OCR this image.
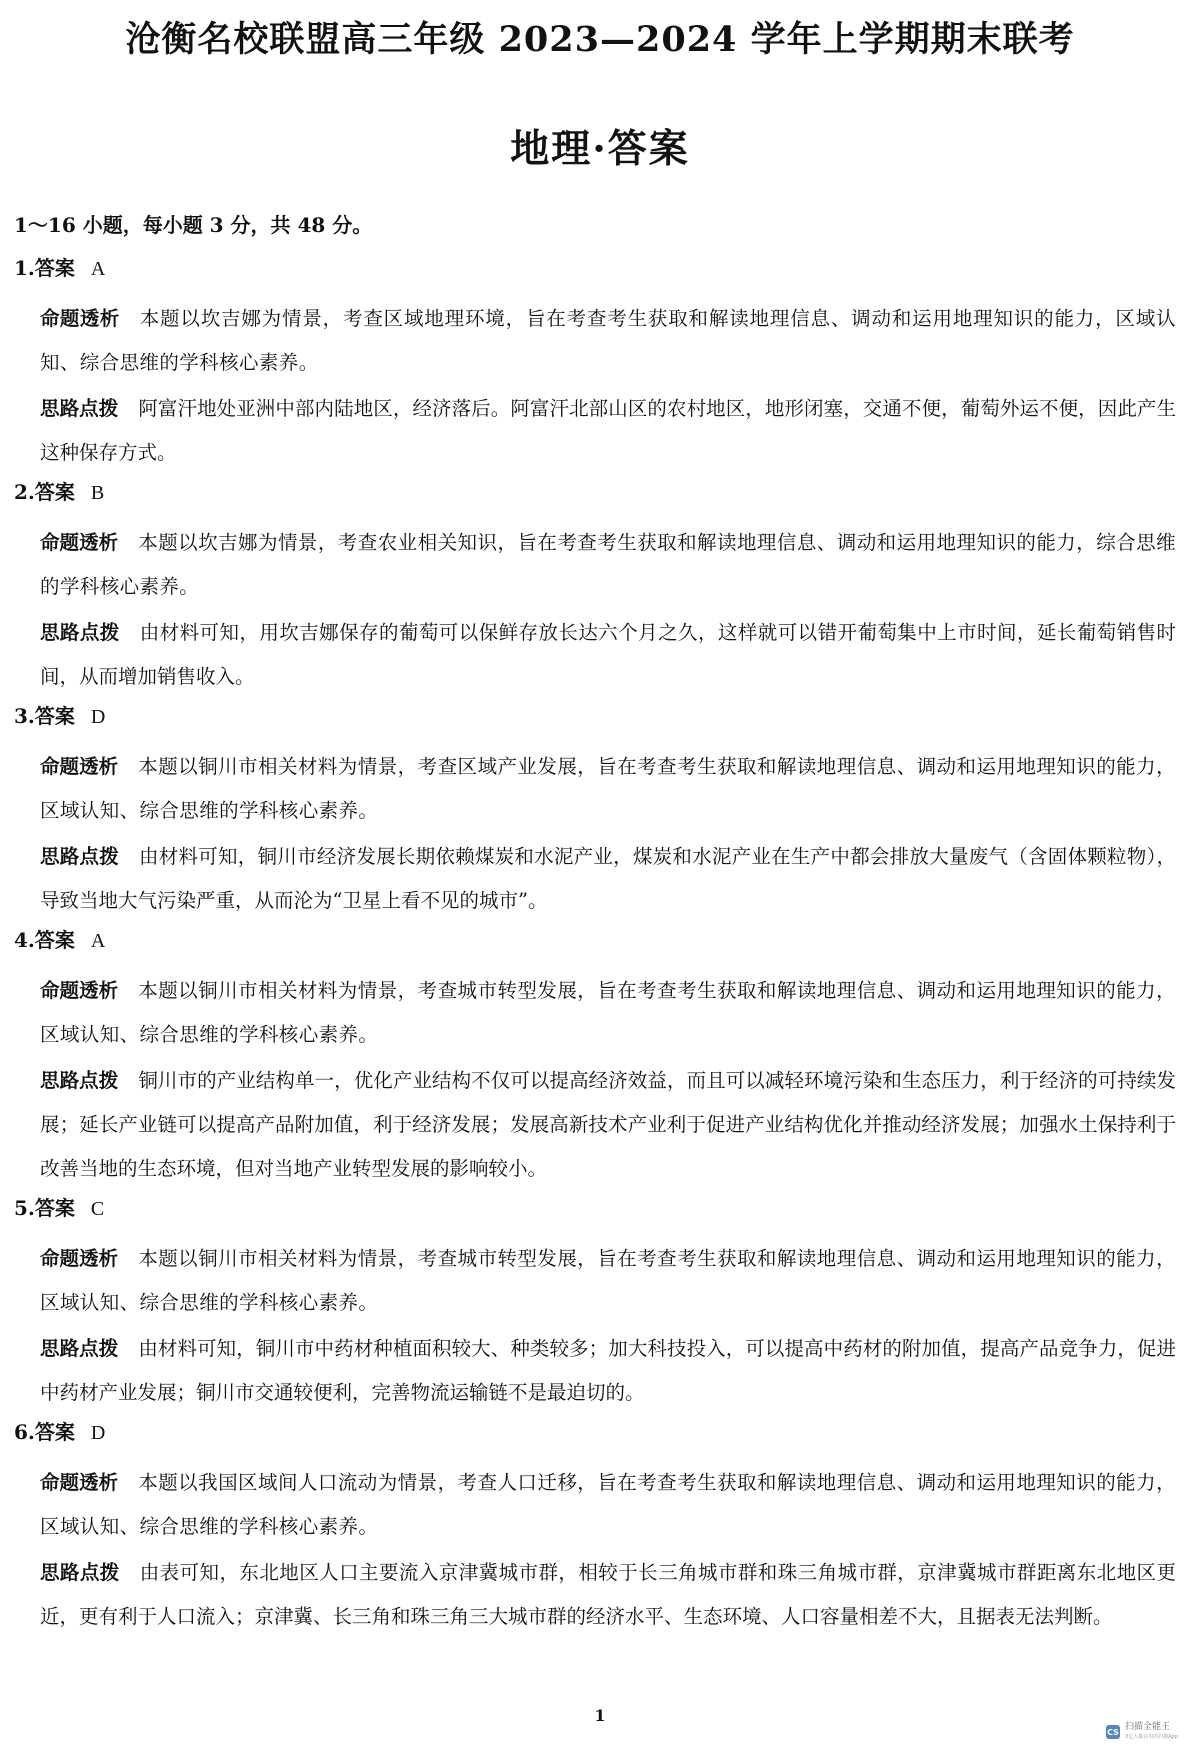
沧衡名校联盟高三年级 2023—2024 学年上学期期末联考
地理·答案
1～16 小题，每小题 3 分，共 48 分。
1.答案 A
命题透析 本题以坎吉娜为情景，考查区域地理环境，旨在考查考生获取和解读地理信息、调动和运用地理知识的能力，区域认知、综合思维的学科核心素养。
思路点拨 阿富汗地处亚洲中部内陆地区，经济落后。阿富汗北部山区的农村地区，地形闭塞，交通不便，葡萄外运不便，因此产生这种保存方式。
2.答案 B
命题透析 本题以坎吉娜为情景，考查农业相关知识，旨在考查考生获取和解读地理信息、调动和运用地理知识的能力，综合思维的学科核心素养。
思路点拨 由材料可知，用坎吉娜保存的葡萄可以保鲜存放长达六个月之久，这样就可以错开葡萄集中上市时间，延长葡萄销售时间，从而增加销售收入。
3.答案 D
命题透析 本题以铜川市相关材料为情景，考查区域产业发展，旨在考查考生获取和解读地理信息、调动和运用地理知识的能力，区域认知、综合思维的学科核心素养。
思路点拨 由材料可知，铜川市经济发展长期依赖煤炭和水泥产业，煤炭和水泥产业在生产中都会排放大量废气（含固体颗粒物），导致当地大气污染严重，从而沦为“卫星上看不见的城市”。
4.答案 A
命题透析 本题以铜川市相关材料为情景，考查城市转型发展，旨在考查考生获取和解读地理信息、调动和运用地理知识的能力，区域认知、综合思维的学科核心素养。
思路点拨 铜川市的产业结构单一，优化产业结构不仅可以提高经济效益，而且可以减轻环境污染和生态压力，利于经济的可持续发展；延长产业链可以提高产品附加值，利于经济发展；发展高新技术产业利于促进产业结构优化并推动经济发展；加强水土保持利于改善当地的生态环境，但对当地产业转型发展的影响较小。
5.答案 C
命题透析 本题以铜川市相关材料为情景，考查城市转型发展，旨在考查考生获取和解读地理信息、调动和运用地理知识的能力，区域认知、综合思维的学科核心素养。
思路点拨 由材料可知，铜川市中药材种植面积较大、种类较多；加大科技投入，可以提高中药材的附加值，提高产品竞争力，促进中药材产业发展；铜川市交通较便利，完善物流运输链不是最迫切的。
6.答案 D
命题透析 本题以我国区域间人口流动为情景，考查人口迁移，旨在考查考生获取和解读地理信息、调动和运用地理知识的能力，区域认知、综合思维的学科核心素养。
思路点拨 由表可知，东北地区人口主要流入京津冀城市群，相较于长三角城市群和珠三角城市群，京津冀城市群距离东北地区更近，更有利于人口流入；京津冀、长三角和珠三角三大城市群的经济水平、生态环境、人口容量相差不大，且据表无法判断。
1
CS 扫描全能王
3亿人都在用的扫描App
